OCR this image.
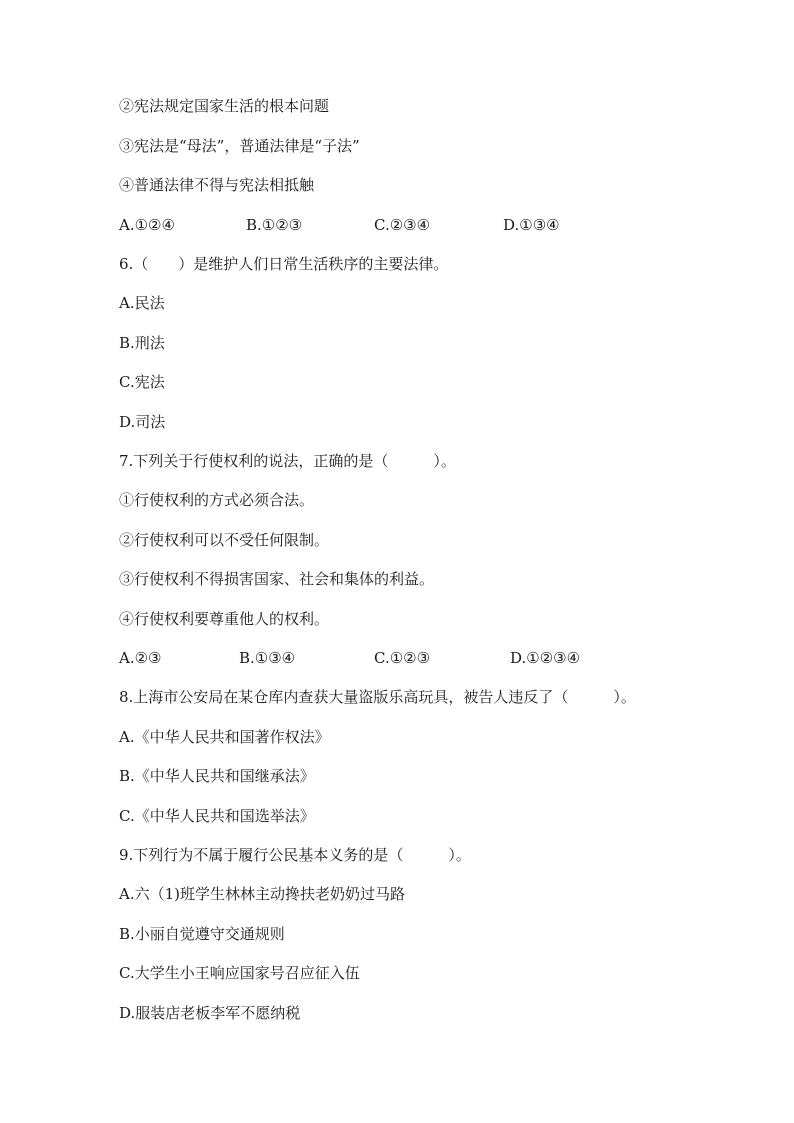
②宪法规定国家生活的根本问题
③宪法是“母法”，普通法律是“子法”
④普通法律不得与宪法相抵触
A.①②④	B.①②③	C.②③④	D.①③④
6.（　　）是维护人们日常生活秩序的主要法律。
A.民法
B.刑法
C.宪法
D.司法
7.下列关于行使权利的说法，正确的是（　　　）。
①行使权利的方式必须合法。
②行使权利可以不受任何限制。
③行使权利不得损害国家、社会和集体的利益。
④行使权利要尊重他人的权利。
A.②③	B.①③④	C.①②③	D.①②③④
8.上海市公安局在某仓库内查获大量盗版乐高玩具，被告人违反了（　　　）。
A.《中华人民共和国著作权法》
B.《中华人民共和国继承法》
C.《中华人民共和国选举法》
9.下列行为不属于履行公民基本义务的是（　　　）。
A.六（1)班学生林林主动搀扶老奶奶过马路
B.小丽自觉遵守交通规则
C.大学生小王响应国家号召应征入伍
D.服装店老板李军不愿纳税
